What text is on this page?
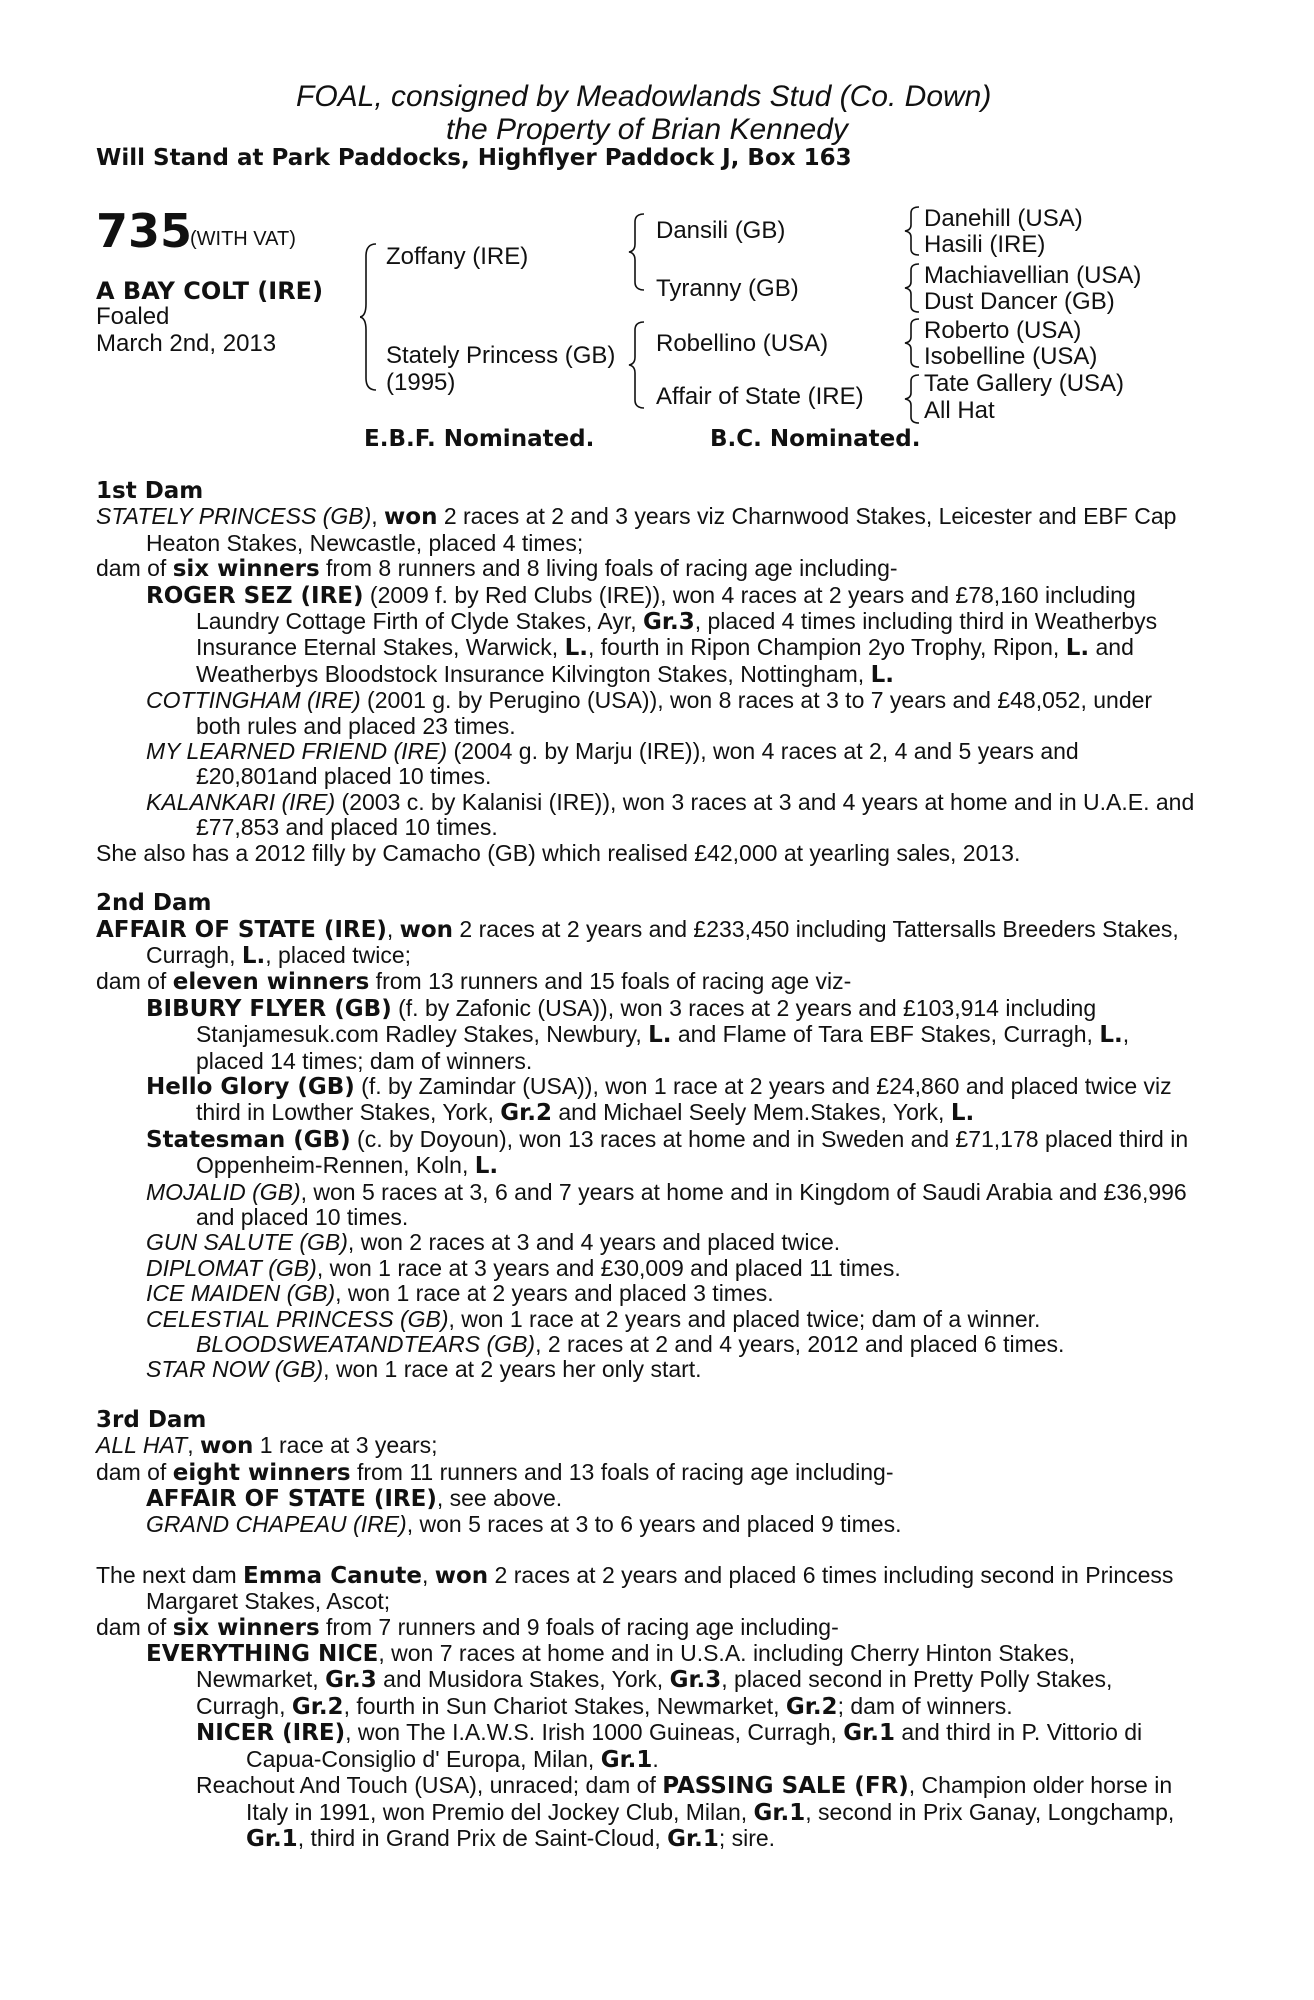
FOAL, consigned by Meadowlands Stud (Co. Down)
the Property of Brian Kennedy
Will Stand at Park Paddocks, Highflyer Paddock J, Box 163
735
(WITH VAT)
A BAY COLT (IRE)
Foaled
March 2nd, 2013
Zoffany (IRE)
Stately Princess (GB)
(1995)
Dansili (GB)
Tyranny (GB)
Robellino (USA)
Affair of State (IRE)
Danehill (USA)
Hasili (IRE)
Machiavellian (USA)
Dust Dancer (GB)
Roberto (USA)
Isobelline (USA)
Tate Gallery (USA)
All Hat
E.B.F. Nominated.	B.C. Nominated.

1st Dam

STATELY PRINCESS (GB), won 2 races at 2 and 3 years viz Charnwood Stakes, Leicester and EBF Cap Heaton Stakes, Newcastle, placed 4 times;

dam of six winners from 8 runners and 8 living foals of racing age including-

ROGER SEZ (IRE) (2009 f. by Red Clubs (IRE)), won 4 races at 2 years and £78,160 including Laundry Cottage Firth of Clyde Stakes, Ayr, Gr.3, placed 4 times including third in Weatherbys Insurance Eternal Stakes, Warwick, L., fourth in Ripon Champion 2yo Trophy, Ripon, L. and Weatherbys Bloodstock Insurance Kilvington Stakes, Nottingham, L.

COTTINGHAM (IRE) (2001 g. by Perugino (USA)), won 8 races at 3 to 7 years and £48,052, under both rules and placed 23 times.

MY LEARNED FRIEND (IRE) (2004 g. by Marju (IRE)), won 4 races at 2, 4 and 5 years and £20,801and placed 10 times.

KALANKARI (IRE) (2003 c. by Kalanisi (IRE)), won 3 races at 3 and 4 years at home and in U.A.E. and £77,853 and placed 10 times.

She also has a 2012 filly by Camacho (GB) which realised £42,000 at yearling sales, 2013.

2nd Dam

AFFAIR OF STATE (IRE), won 2 races at 2 years and £233,450 including Tattersalls Breeders Stakes, Curragh, L., placed twice;

dam of eleven winners from 13 runners and 15 foals of racing age viz-

BIBURY FLYER (GB) (f. by Zafonic (USA)), won 3 races at 2 years and £103,914 including Stanjamesuk.com Radley Stakes, Newbury, L. and Flame of Tara EBF Stakes, Curragh, L., placed 14 times; dam of winners.

Hello Glory (GB) (f. by Zamindar (USA)), won 1 race at 2 years and £24,860 and placed twice viz third in Lowther Stakes, York, Gr.2 and Michael Seely Mem.Stakes, York, L.

Statesman (GB) (c. by Doyoun), won 13 races at home and in Sweden and £71,178 placed third in Oppenheim-Rennen, Koln, L.

MOJALID (GB), won 5 races at 3, 6 and 7 years at home and in Kingdom of Saudi Arabia and £36,996 and placed 10 times.

GUN SALUTE (GB), won 2 races at 3 and 4 years and placed twice.

DIPLOMAT (GB), won 1 race at 3 years and £30,009 and placed 11 times.

ICE MAIDEN (GB), won 1 race at 2 years and placed 3 times.

CELESTIAL PRINCESS (GB), won 1 race at 2 years and placed twice; dam of a winner.

BLOODSWEATANDTEARS (GB), 2 races at 2 and 4 years, 2012 and placed 6 times.

STAR NOW (GB), won 1 race at 2 years her only start.

3rd Dam

ALL HAT, won 1 race at 3 years;

dam of eight winners from 11 runners and 13 foals of racing age including-

AFFAIR OF STATE (IRE), see above.

GRAND CHAPEAU (IRE), won 5 races at 3 to 6 years and placed 9 times.

The next dam Emma Canute, won 2 races at 2 years and placed 6 times including second in Princess Margaret Stakes, Ascot;

dam of six winners from 7 runners and 9 foals of racing age including-

EVERYTHING NICE, won 7 races at home and in U.S.A. including Cherry Hinton Stakes, Newmarket, Gr.3 and Musidora Stakes, York, Gr.3, placed second in Pretty Polly Stakes, Curragh, Gr.2, fourth in Sun Chariot Stakes, Newmarket, Gr.2; dam of winners.

NICER (IRE), won The I.A.W.S. Irish 1000 Guineas, Curragh, Gr.1 and third in P. Vittorio di Capua-Consiglio d' Europa, Milan, Gr.1.

Reachout And Touch (USA), unraced; dam of PASSING SALE (FR), Champion older horse in Italy in 1991, won Premio del Jockey Club, Milan, Gr.1, second in Prix Ganay, Longchamp, Gr.1, third in Grand Prix de Saint-Cloud, Gr.1; sire.
